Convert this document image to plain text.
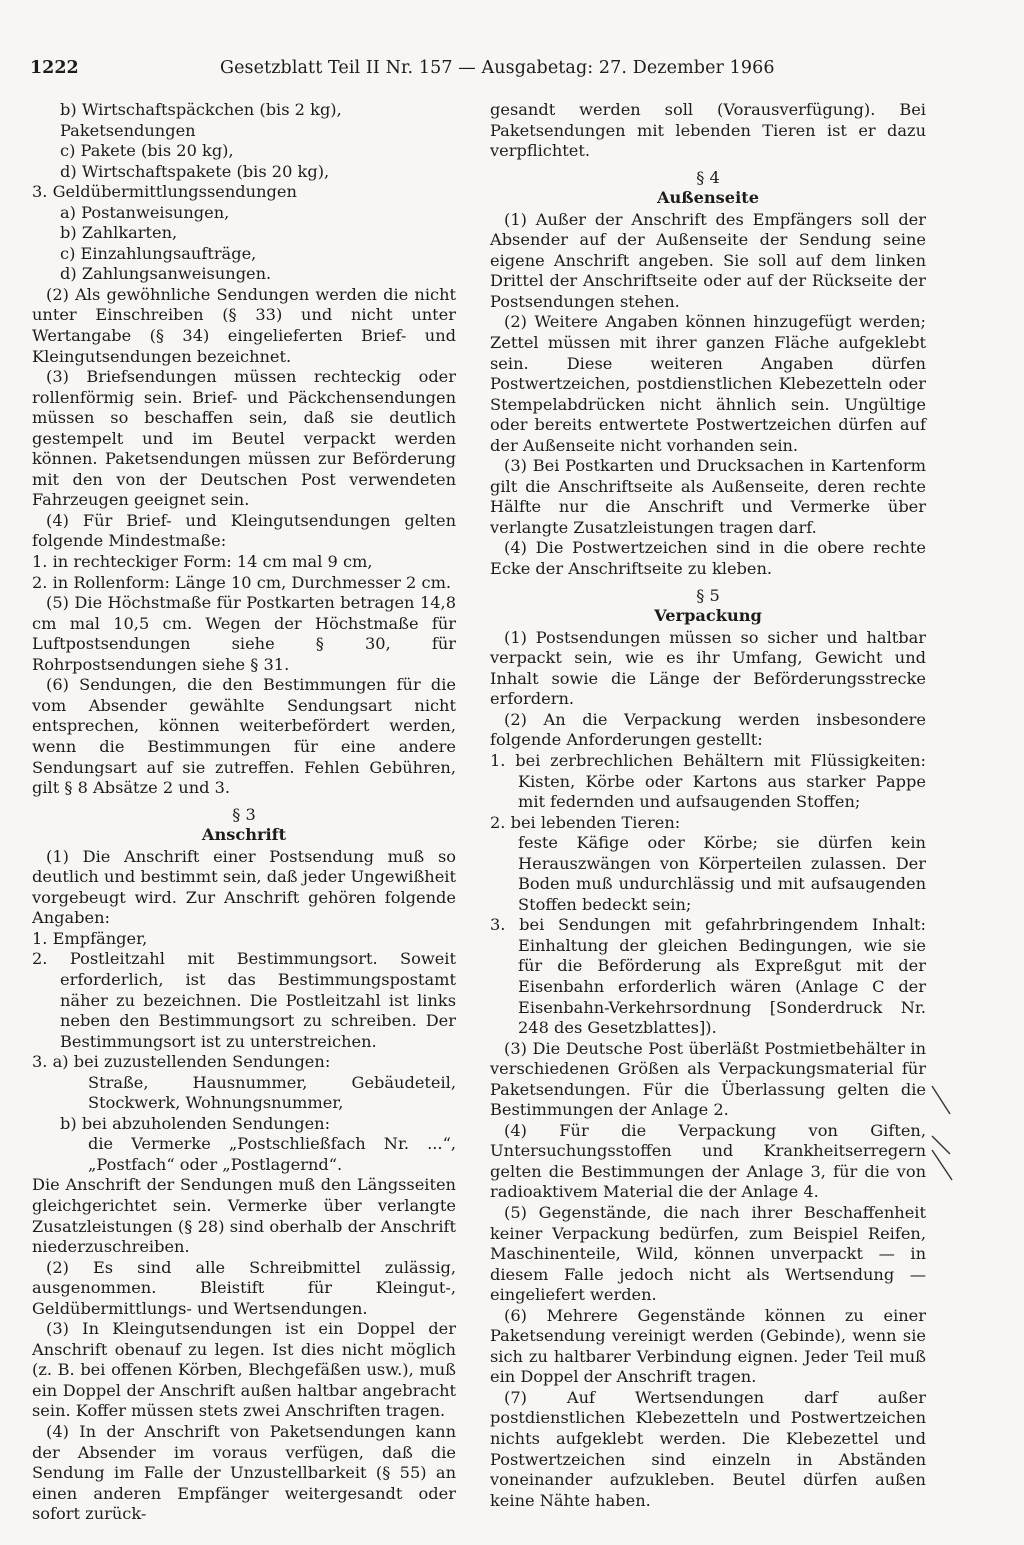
1222	Gesetzblatt Teil II Nr. 157 — Ausgabetag: 27. Dezember 1966
b) Wirtschaftspäckchen (bis 2 kg),
Paketsendungen
c) Pakete (bis 20 kg),
d) Wirtschaftspakete (bis 20 kg),
3. Geldübermittlungssendungen
a) Postanweisungen,
b) Zahlkarten,
c) Einzahlungsaufträge,
d) Zahlungsanweisungen.

(2) Als gewöhnliche Sendungen werden die nicht unter Einschreiben (§ 33) und nicht unter Wertangabe (§ 34) eingelieferten Brief- und Kleingutsendungen bezeichnet.

(3) Briefsendungen müssen rechteckig oder rollenförmig sein. Brief- und Päckchensendungen müssen so beschaffen sein, daß sie deutlich gestempelt und im Beutel verpackt werden können. Paketsendungen müssen zur Beförderung mit den von der Deutschen Post verwendeten Fahrzeugen geeignet sein.

(4) Für Brief- und Kleingutsendungen gelten folgende Mindestmaße:

1. in rechteckiger Form: 14 cm mal 9 cm,
2. in Rollenform: Länge 10 cm, Durchmesser 2 cm.

(5) Die Höchstmaße für Postkarten betragen 14,8 cm mal 10,5 cm. Wegen der Höchstmaße für Luftpostsendungen siehe § 30, für Rohrpostsendungen siehe § 31.

(6) Sendungen, die den Bestimmungen für die vom Absender gewählte Sendungsart nicht entsprechen, können weiterbefördert werden, wenn die Bestimmungen für eine andere Sendungsart auf sie zutreffen. Fehlen Gebühren, gilt § 8 Absätze 2 und 3.

§ 3
Anschrift

(1) Die Anschrift einer Postsendung muß so deutlich und bestimmt sein, daß jeder Ungewißheit vorgebeugt wird. Zur Anschrift gehören folgende Angaben:

1. Empfänger,
2. Postleitzahl mit Bestimmungsort. Soweit erforderlich, ist das Bestimmungspostamt näher zu bezeichnen. Die Postleitzahl ist links neben den Bestimmungsort zu schreiben. Der Bestimmungsort ist zu unterstreichen.
3. a) bei zuzustellenden Sendungen:
Straße, Hausnummer, Gebäudeteil, Stockwerk, Wohnungsnummer,
b) bei abzuholenden Sendungen:
die Vermerke „Postschließfach Nr. ...“, „Postfach“ oder „Postlagernd“.

Die Anschrift der Sendungen muß den Längsseiten gleichgerichtet sein. Vermerke über verlangte Zusatzleistungen (§ 28) sind oberhalb der Anschrift niederzuschreiben.

(2) Es sind alle Schreibmittel zulässig, ausgenommen. Bleistift für Kleingut-, Geldübermittlungs- und Wertsendungen.

(3) In Kleingutsendungen ist ein Doppel der Anschrift obenauf zu legen. Ist dies nicht möglich (z. B. bei offenen Körben, Blechgefäßen usw.), muß ein Doppel der Anschrift außen haltbar angebracht sein. Koffer müssen stets zwei Anschriften tragen.

(4) In der Anschrift von Paketsendungen kann der Absender im voraus verfügen, daß die Sendung im Falle der Unzustellbarkeit (§ 55) an einen anderen Empfänger weitergesandt oder sofort zurück-

gesandt werden soll (Vorausverfügung). Bei Paketsendungen mit lebenden Tieren ist er dazu verpflichtet.

§ 4
Außenseite

(1) Außer der Anschrift des Empfängers soll der Absender auf der Außenseite der Sendung seine eigene Anschrift angeben. Sie soll auf dem linken Drittel der Anschriftseite oder auf der Rückseite der Postsendungen stehen.

(2) Weitere Angaben können hinzugefügt werden; Zettel müssen mit ihrer ganzen Fläche aufgeklebt sein. Diese weiteren Angaben dürfen Postwertzeichen, postdienstlichen Klebezetteln oder Stempelabdrücken nicht ähnlich sein. Ungültige oder bereits entwertete Postwertzeichen dürfen auf der Außenseite nicht vorhanden sein.

(3) Bei Postkarten und Drucksachen in Kartenform gilt die Anschriftseite als Außenseite, deren rechte Hälfte nur die Anschrift und Vermerke über verlangte Zusatzleistungen tragen darf.

(4) Die Postwertzeichen sind in die obere rechte Ecke der Anschriftseite zu kleben.

§ 5
Verpackung

(1) Postsendungen müssen so sicher und haltbar verpackt sein, wie es ihr Umfang, Gewicht und Inhalt sowie die Länge der Beförderungsstrecke erfordern.

(2) An die Verpackung werden insbesondere folgende Anforderungen gestellt:

1. bei zerbrechlichen Behältern mit Flüssigkeiten: Kisten, Körbe oder Kartons aus starker Pappe mit federnden und aufsaugenden Stoffen;
2. bei lebenden Tieren:
feste Käfige oder Körbe; sie dürfen kein Herauszwängen von Körperteilen zulassen. Der Boden muß undurchlässig und mit aufsaugenden Stoffen bedeckt sein;
3. bei Sendungen mit gefahrbringendem Inhalt: Einhaltung der gleichen Bedingungen, wie sie für die Beförderung als Expreßgut mit der Eisenbahn erforderlich wären (Anlage C der Eisenbahn-Verkehrsordnung [Sonderdruck Nr. 248 des Gesetzblattes]).

(3) Die Deutsche Post überläßt Postmietbehälter in verschiedenen Größen als Verpackungsmaterial für Paketsendungen. Für die Überlassung gelten die Bestimmungen der Anlage 2.

(4) Für die Verpackung von Giften, Untersuchungsstoffen und Krankheitserregern gelten die Bestimmungen der Anlage 3, für die von radioaktivem Material die der Anlage 4.

(5) Gegenstände, die nach ihrer Beschaffenheit keiner Verpackung bedürfen, zum Beispiel Reifen, Maschinenteile, Wild, können unverpackt — in diesem Falle jedoch nicht als Wertsendung — eingeliefert werden.

(6) Mehrere Gegenstände können zu einer Paketsendung vereinigt werden (Gebinde), wenn sie sich zu haltbarer Verbindung eignen. Jeder Teil muß ein Doppel der Anschrift tragen.

(7) Auf Wertsendungen darf außer postdienstlichen Klebezetteln und Postwertzeichen nichts aufgeklebt werden. Die Klebezettel und Postwertzeichen sind einzeln in Abständen voneinander aufzukleben. Beutel dürfen außen keine Nähte haben.
